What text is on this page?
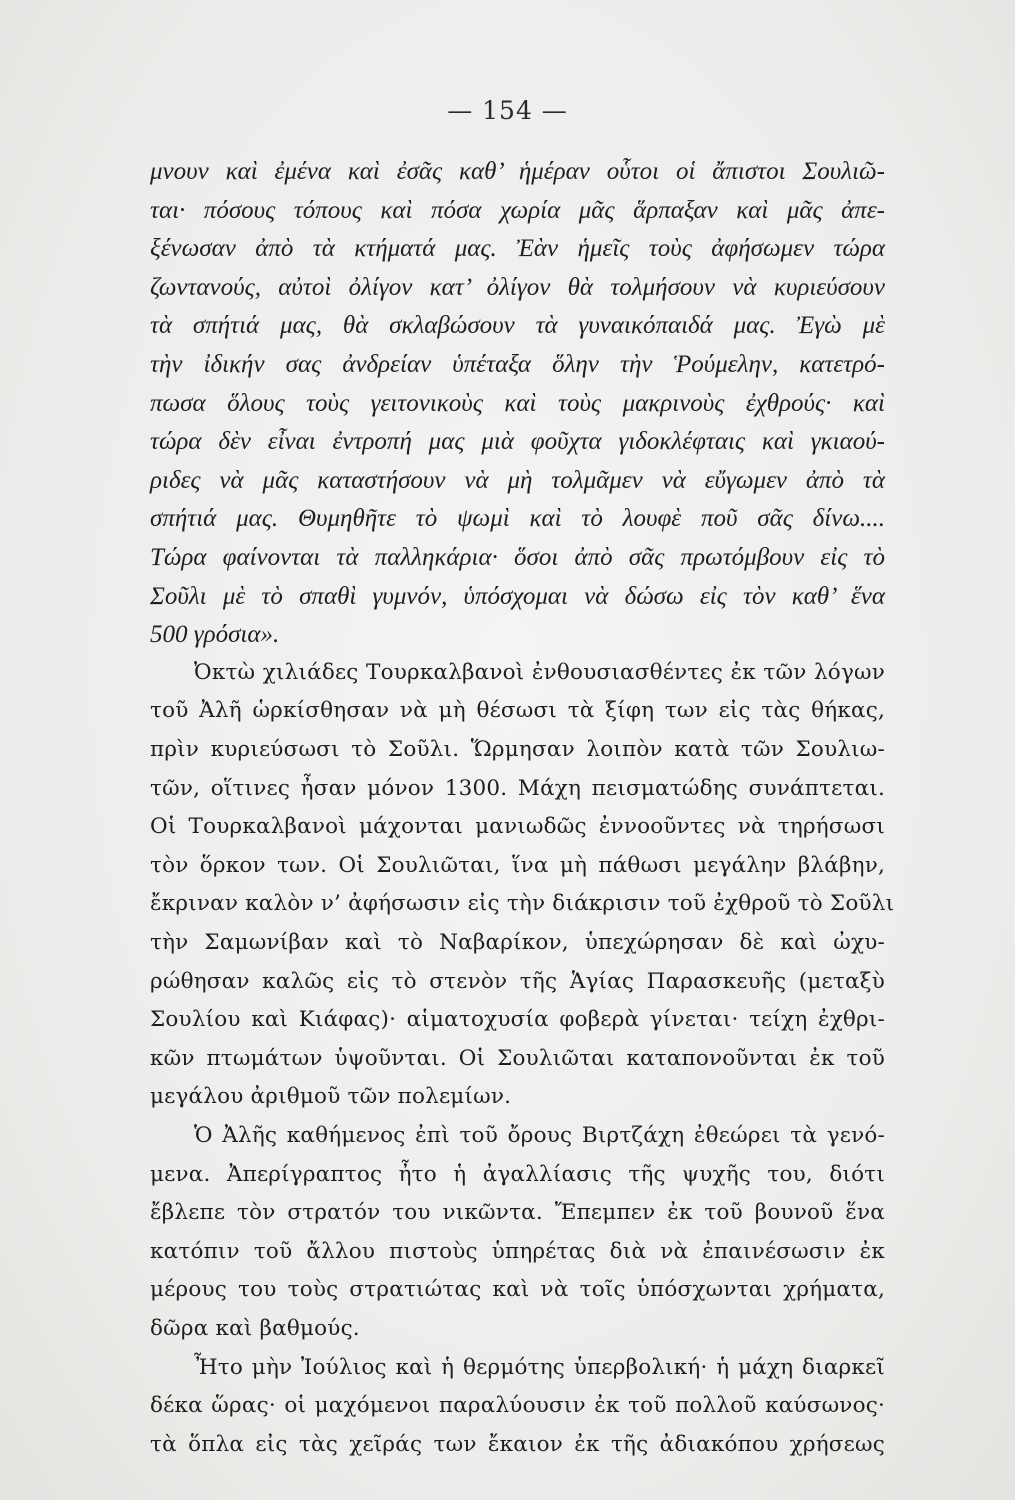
— 154 —
μνουν καὶ ἐμένα καὶ ἐσᾶς καθ’ ἡμέραν οὗτοι οἱ ἄπιστοι Σουλιῶ-
ται· πόσους τόπους καὶ πόσα χωρία μᾶς ἅρπαξαν καὶ μᾶς ἀπε-
ξένωσαν ἀπὸ τὰ κτήματά μας. Ἐὰν ἡμεῖς τοὺς ἀφήσωμεν τώρα
ζωντανούς, αὐτοὶ ὀλίγον κατ’ ὀλίγον θὰ τολμήσουν νὰ κυριεύσουν
τὰ σπήτιά μας, θὰ σκλαβώσουν τὰ γυναικόπαιδά μας. Ἐγὼ μὲ
τὴν ἰδικήν σας ἀνδρείαν ὑπέταξα ὅλην τὴν Ῥούμελην, κατετρό-
πωσα ὅλους τοὺς γειτονικοὺς καὶ τοὺς μακρινοὺς ἐχθρούς· καὶ
τώρα δὲν εἶναι ἐντροπή μας μιὰ φοῦχτα γιδοκλέφταις καὶ γκιαού-
ριδες νὰ μᾶς καταστήσουν νὰ μὴ τολμᾶμεν νὰ εὔγωμεν ἀπὸ τὰ
σπήτιά μας. Θυμηθῆτε τὸ ψωμὶ καὶ τὸ λουφὲ ποῦ σᾶς δίνω....
Τώρα φαίνονται τὰ παλληκάρια· ὅσοι ἀπὸ σᾶς πρωτόμβουν εἰς τὸ
Σοῦλι μὲ τὸ σπαθὶ γυμνόν, ὑπόσχομαι νὰ δώσω εἰς τὸν καθ’ ἕνα
500 γρόσια».
Ὀκτὼ χιλιάδες Τουρκαλβανοὶ ἐνθουσιασθέντες ἐκ τῶν λόγων
τοῦ Ἀλῆ ὡρκίσθησαν νὰ μὴ θέσωσι τὰ ξίφη των εἰς τὰς θήκας,
πρὶν κυριεύσωσι τὸ Σοῦλι. Ὥρμησαν λοιπὸν κατὰ τῶν Σουλιω-
τῶν, οἵτινες ἦσαν μόνον 1300. Μάχη πεισματώδης συνάπτεται.
Οἱ Τουρκαλβανοὶ μάχονται μανιωδῶς ἐννοοῦντες νὰ τηρήσωσι
τὸν ὅρκον των. Οἱ Σουλιῶται, ἵνα μὴ πάθωσι μεγάλην βλάβην,
ἔκριναν καλὸν ν’ ἀφήσωσιν εἰς τὴν διάκρισιν τοῦ ἐχθροῦ τὸ Σοῦλι
τὴν Σαμωνίβαν καὶ τὸ Ναβαρίκον, ὑπεχώρησαν δὲ καὶ ὠχυ-
ρώθησαν καλῶς εἰς τὸ στενὸν τῆς Ἁγίας Παρασκευῆς (μεταξὺ
Σουλίου καὶ Κιάφας)· αἱματοχυσία φοβερὰ γίνεται· τείχη ἐχθρι-
κῶν πτωμάτων ὑψοῦνται. Οἱ Σουλιῶται καταπονοῦνται ἐκ τοῦ
μεγάλου ἀριθμοῦ τῶν πολεμίων.
Ὁ Ἀλῆς καθήμενος ἐπὶ τοῦ ὄρους Βιρτζάχη ἐθεώρει τὰ γενό-
μενα. Ἀπερίγραπτος ἦτο ἡ ἀγαλλίασις τῆς ψυχῆς του, διότι
ἔβλεπε τὸν στρατόν του νικῶντα. Ἔπεμπεν ἐκ τοῦ βουνοῦ ἕνα
κατόπιν τοῦ ἄλλου πιστοὺς ὑπηρέτας διὰ νὰ ἐπαινέσωσιν ἐκ
μέρους του τοὺς στρατιώτας καὶ νὰ τοῖς ὑπόσχωνται χρήματα,
δῶρα καὶ βαθμούς.
Ἦτο μὴν Ἰούλιος καὶ ἡ θερμότης ὑπερβολική· ἡ μάχη διαρκεῖ
δέκα ὥρας· οἱ μαχόμενοι παραλύουσιν ἐκ τοῦ πολλοῦ καύσωνος·
τὰ ὅπλα εἰς τὰς χεῖράς των ἔκαιον ἐκ τῆς ἀδιακόπου χρήσεως
